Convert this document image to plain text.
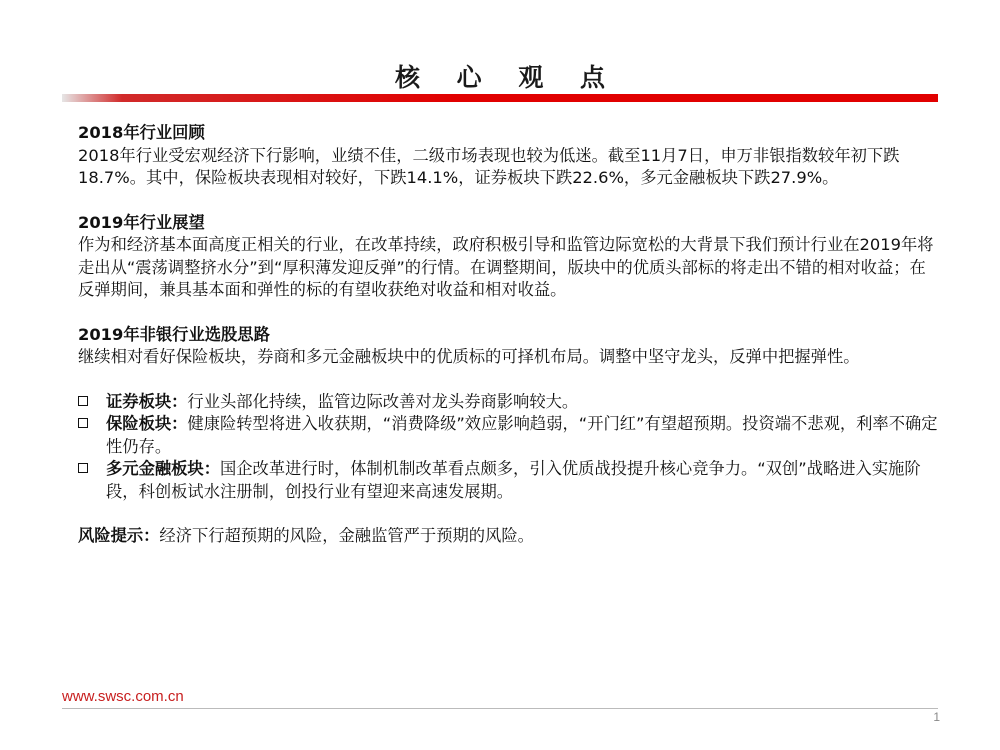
核 心 观 点
2018年行业回顾
2018年行业受宏观经济下行影响，业绩不佳，二级市场表现也较为低迷。截至11月7日，申万非银指数较年初下跌18.7%。其中，保险板块表现相对较好，下跌14.1%，证券板块下跌22.6%，多元金融板块下跌27.9%。
2019年行业展望
作为和经济基本面高度正相关的行业，在改革持续，政府积极引导和监管边际宽松的大背景下我们预计行业在2019年将走出从“震荡调整挤水分”到“厚积薄发迎反弹”的行情。在调整期间，版块中的优质头部标的将走出不错的相对收益；在反弹期间，兼具基本面和弹性的标的有望收获绝对收益和相对收益。
2019年非银行业选股思路
继续相对看好保险板块，券商和多元金融板块中的优质标的可择机布局。调整中坚守龙头，反弹中把握弹性。
证券板块：行业头部化持续，监管边际改善对龙头券商影响较大。
保险板块：健康险转型将进入收获期，“消费降级”效应影响趋弱，“开门红”有望超预期。投资端不悲观，利率不确定性仍存。
多元金融板块：国企改革进行时，体制机制改革看点颇多，引入优质战投提升核心竞争力。“双创”战略进入实施阶段，科创板试水注册制，创投行业有望迎来高速发展期。
风险提示：经济下行超预期的风险，金融监管严于预期的风险。
www.swsc.com.cn
1
